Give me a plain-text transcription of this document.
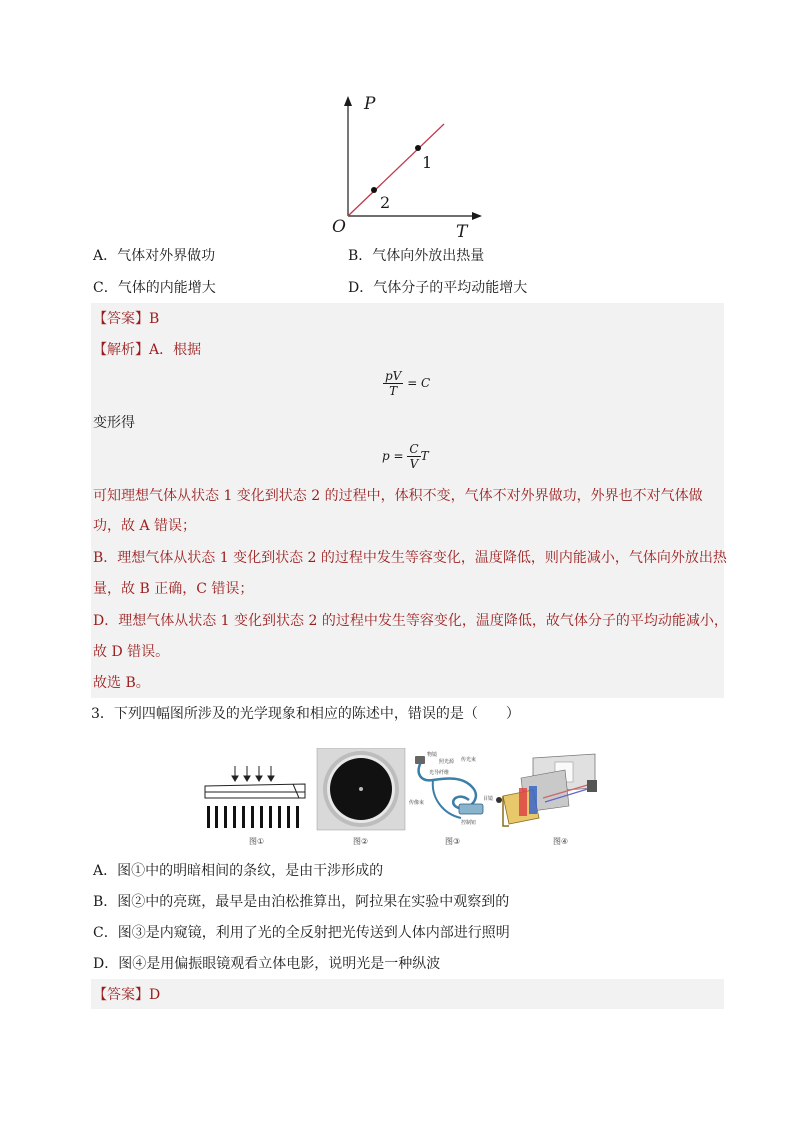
P
T
O
1
2
A．气体对外界做功	B．气体向外放出热量
C．气体的内能增大	D．气体分子的平均动能增大
【答案】B
【解析】A．根据
$\frac{pV}{T} = C$
变形得
$p = \frac{C}{V}$ T
可知理想气体从状态 1 变化到状态 2 的过程中，体积不变，气体不对外界做功，外界也不对气体做
功，故 A 错误；
B．理想气体从状态 1 变化到状态 2 的过程中发生等容变化，温度降低，则内能减小，气体向外放出热
量，故 B 正确，C 错误；
D．理想气体从状态 1 变化到状态 2 的过程中发生等容变化，温度降低，故气体分子的平均动能减小，
故 D 错误。
故选 B。
3．下列四幅图所涉及的光学现象和相应的陈述中，错误的是（　　）
物镜
照光源 传光束
光导纤维
目镜
传像束
控制钮
图①	图②	图③	图④
A．图①中的明暗相间的条纹，是由干涉形成的
B．图②中的亮斑，最早是由泊松推算出，阿拉果在实验中观察到的
C．图③是内窥镜，利用了光的全反射把光传送到人体内部进行照明
D．图④是用偏振眼镜观看立体电影，说明光是一种纵波
【答案】D
